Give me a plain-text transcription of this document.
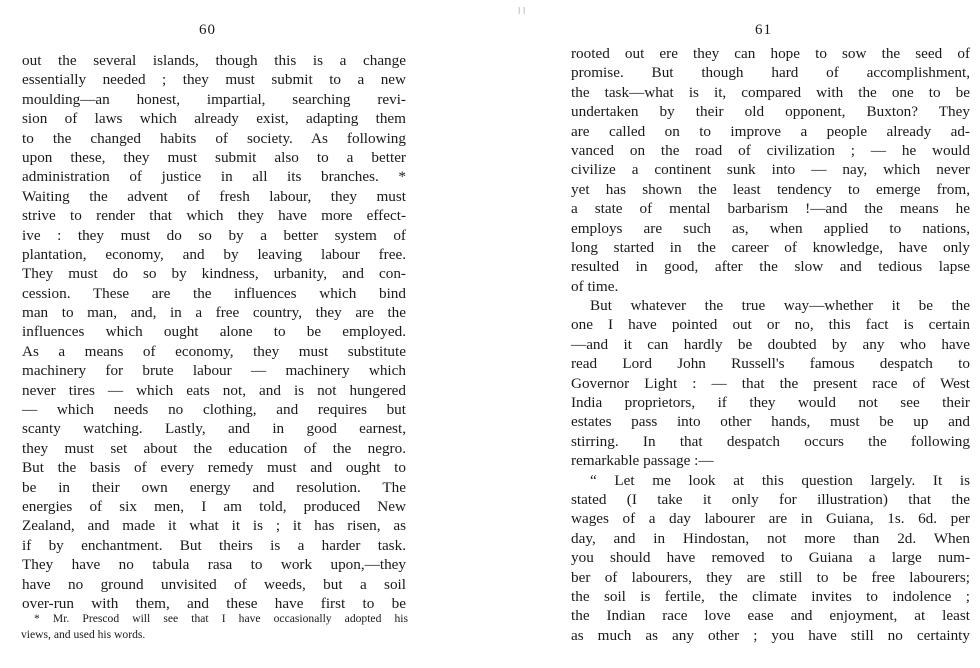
ǀ ǀ
60
out the several islands, though this is a change
essentially needed ; they must submit to a new
moulding—an honest, impartial, searching revi-
sion of laws which already exist, adapting them
to the changed habits of society. As following
upon these, they must submit also to a better
administration of justice in all its branches. *
Waiting the advent of fresh labour, they must
strive to render that which they have more effect-
ive : they must do so by a better system of
plantation, economy, and by leaving labour free.
They must do so by kindness, urbanity, and con-
cession. These are the influences which bind
man to man, and, in a free country, they are the
influences which ought alone to be employed.
As a means of economy, they must substitute
machinery for brute labour — machinery which
never tires — which eats not, and is not hungered
— which needs no clothing, and requires but
scanty watching. Lastly, and in good earnest,
they must set about the education of the negro.
But the basis of every remedy must and ought to
be in their own energy and resolution. The
energies of six men, I am told, produced New
Zealand, and made it what it is ; it has risen, as
if by enchantment. But theirs is a harder task.
They have no tabula rasa to work upon,—they
have no ground unvisited of weeds, but a soil
over-run with them, and these have first to be
* Mr. Prescod will see that I have occasionally adopted his
views, and used his words.
61
rooted out ere they can hope to sow the seed of
promise. But though hard of accomplishment,
the task—what is it, compared with the one to be
undertaken by their old opponent, Buxton? They
are called on to improve a people already ad-
vanced on the road of civilization ; — he would
civilize a continent sunk into — nay, which never
yet has shown the least tendency to emerge from,
a state of mental barbarism !—and the means he
employs are such as, when applied to nations,
long started in the career of knowledge, have only
resulted in good, after the slow and tedious lapse
of time.
But whatever the true way—whether it be the
one I have pointed out or no, this fact is certain
—and it can hardly be doubted by any who have
read Lord John Russell's famous despatch to
Governor Light : — that the present race of West
India proprietors, if they would not see their
estates pass into other hands, must be up and
stirring. In that despatch occurs the following
remarkable passage :—
“ Let me look at this question largely. It is
stated (I take it only for illustration) that the
wages of a day labourer are in Guiana, 1s. 6d. per
day, and in Hindostan, not more than 2d. When
you should have removed to Guiana a large num-
ber of labourers, they are still to be free labourers;
the soil is fertile, the climate invites to indolence ;
the Indian race love ease and enjoyment, at least
as much as any other ; you have still no certainty
